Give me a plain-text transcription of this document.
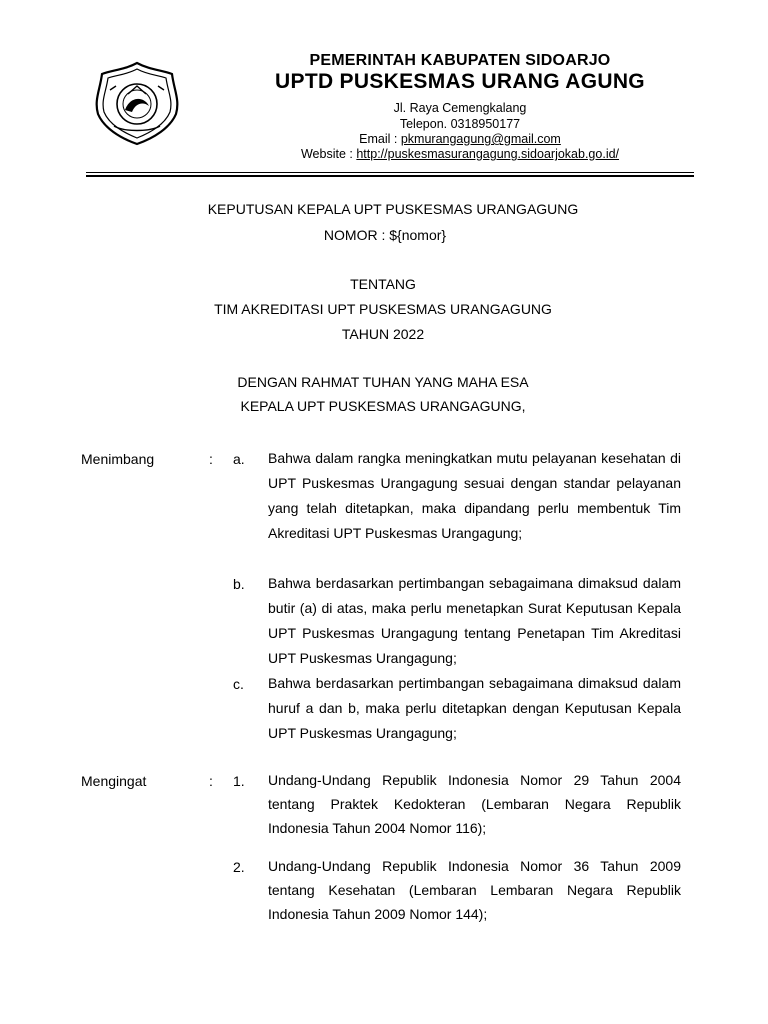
PEMERINTAH KABUPATEN SIDOARJO
UPTD PUSKESMAS URANG AGUNG
Jl. Raya Cemengkalang
Telepon. 0318950177
Email : pkmurangagung@gmail.com
Website : http://puskesmasurangagung.sidoarjokab.go.id/
KEPUTUSAN KEPALA UPT PUSKESMAS URANGAGUNG
NOMOR : ${nomor}
TENTANG
TIM AKREDITASI UPT PUSKESMAS URANGAGUNG
TAHUN 2022
DENGAN RAHMAT TUHAN YANG MAHA ESA
KEPALA UPT PUSKESMAS URANGAGUNG,
Menimbang	: a. Bahwa dalam rangka meningkatkan mutu pelayanan kesehatan di UPT Puskesmas Urangagung sesuai dengan standar pelayanan yang telah ditetapkan, maka dipandang perlu membentuk Tim Akreditasi UPT Puskesmas Urangagung;
b. Bahwa berdasarkan pertimbangan sebagaimana dimaksud dalam butir (a) di atas, maka perlu menetapkan Surat Keputusan Kepala UPT Puskesmas Urangagung tentang Penetapan Tim Akreditasi UPT Puskesmas Urangagung;
c. Bahwa berdasarkan pertimbangan sebagaimana dimaksud dalam huruf a dan b, maka perlu ditetapkan dengan Keputusan Kepala UPT Puskesmas Urangagung;
Mengingat	: 1. Undang-Undang Republik Indonesia Nomor 29 Tahun 2004 tentang Praktek Kedokteran (Lembaran Negara Republik Indonesia Tahun 2004 Nomor 116);
2. Undang-Undang Republik Indonesia Nomor 36 Tahun 2009 tentang Kesehatan (Lembaran Lembaran Negara Republik Indonesia Tahun 2009 Nomor 144);
